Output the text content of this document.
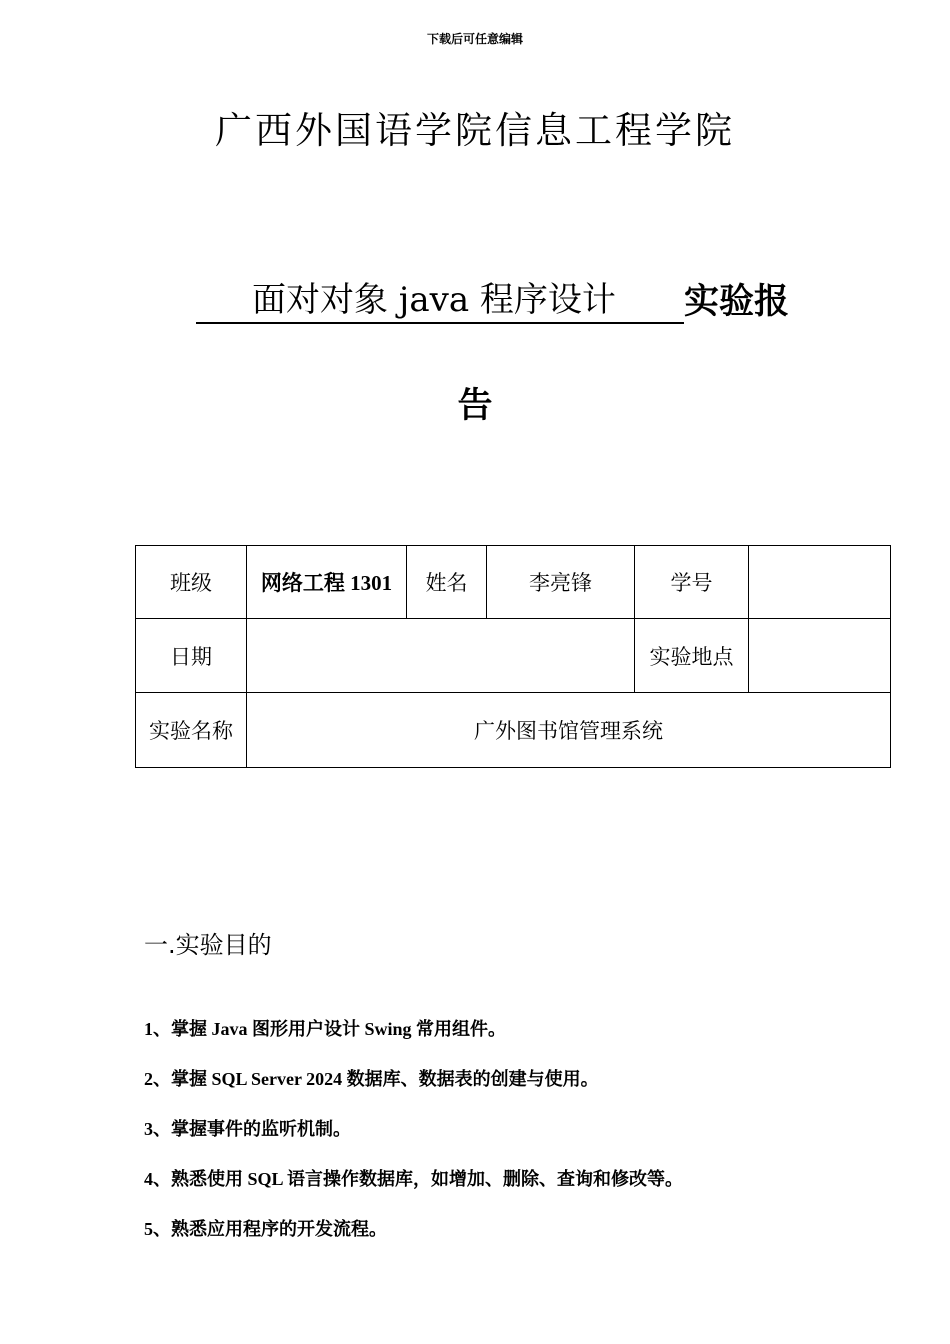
下载后可任意编辑
广西外国语学院信息工程学院
面对对象 java 程序设计 实验报
告
班级	网络工程 1301	姓名	李亮锋	学号	
日期				实验地点	
实验名称	广外图书馆管理系统				
一.实验目的
1、掌握 Java 图形用户设计 Swing 常用组件。
2、掌握 SQL Server 2024 数据库、数据表的创建与使用。
3、掌握事件的监听机制。
4、熟悉使用 SQL 语言操作数据库，如增加、删除、查询和修改等。
5、熟悉应用程序的开发流程。
